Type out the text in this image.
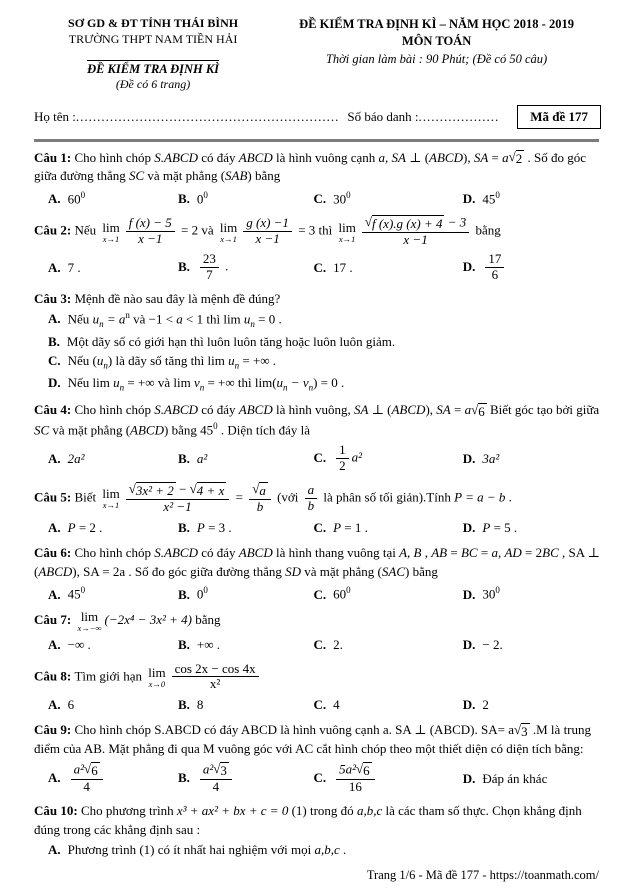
SƠ GD & ĐT TỈNH THÁI BÌNH
TRƯỜNG THPT NAM TIỀN HẢI
ĐỀ KIỂM TRA ĐỊNH KÌ
(Đề có 6 trang)
ĐỀ KIỂM TRA ĐỊNH KÌ – NĂM HỌC 2018 - 2019
MÔN TOÁN
Thời gian làm bài : 90 Phút; (Đề có 50 câu)
Họ tên : .............................................................. Số báo danh : ...................	Mã đề 177

Câu 1: Cho hình chóp S.ABCD có đáy ABCD là hình vuông cạnh a, SA ⊥ (ABCD), SA = a √ 2 . Số đo góc giữa đường thẳng SC và mặt phẳng (SAB) bằng

A. $60^0$	B. $0^0$	C. $30^0$	D. $45^0$

Câu 2: Nếu lim
$x\to 1 \frac{f (x) - 5}{x -1} = 2$ và lim
$x\to 1 \frac{g (x) -1}{x -1} = 3$ thì lim
$x\to 1 \frac{√ f (x).g (x) + 4 - 3}{x -1}$ bằng

A. 7 .	B. $\frac{23}{7}$ .	C. 17 .	D. $\frac{17}{6}$

Câu 3: Mệnh đề nào sau đây là mệnh đề đúng?

A. Nếu $u_n = a^n$ và −1 < a < 1 thì $\lim u_n = 0$ .
B. Một dãy số có giới hạn thì luôn luôn tăng hoặc luôn luôn giảm.
C. Nếu $(u_n)$ là dãy số tăng thì $\lim u_n$ = +∞ .
D. Nếu $\lim u_n$ = +∞ và $\lim v_n$ = +∞ thì $\lim(u_n - v_n) = 0$ .

Câu 4: Cho hình chóp S.ABCD có đáy ABCD là hình vuông, SA ⊥ (ABCD), SA = a √ 6 Biết góc tạo bởi giữa SC và mặt phẳng (ABCD) bằng $45^0$ . Diện tích đáy là

A. 2a²	B. a²	C. $\frac{1}{2} a^2$	D. 3a²

Câu 5: Biết lim
$x\to 1 \frac{\text{√ 3x² + 2 − √ 4 + x}}{\text{x² −1}} = \frac{√ a}{b}$ (với $\frac{a}{b}$ là phân số tối giản).Tính P = a − b .

A. P = 2 .	B. P = 3 .	C. P = 1 .	D. P = 5 .

Câu 6: Cho hình chóp S.ABCD có đáy ABCD là hình thang vuông tại A, B , AB = BC = a, AD = 2BC , SA ⊥ (ABCD), SA = 2a . Số đo góc giữa đường thẳng SD và mặt phẳng (SAC) bằng

A. $45^0$	B. $0^0$	C. $60^0$	D. $30^0$

Câu 7: lim
x→−∞
(−2x⁴ − 3x² + 4) bằng

A. −∞ .	B. +∞ .	C. 2.	D. − 2.

Câu 8: Tìm giới hạn lim
$x\to 0 \frac{\cos 2x - \cos 4x}{\text{x²}}$

A. 6	B. 8	C. 4	D. 2

Câu 9: Cho hình chóp S.ABCD có đáy ABCD là hình vuông cạnh a. SA ⊥ (ABCD). SA= a √ 3 .M là trung điểm của AB. Mặt phẳng đi qua M vuông góc với AC cắt hình chóp theo một thiết diện có diện tích bằng:

A. $\frac{\text{a² √ 6}}{4}$	B. $\frac{\text{a² √ 3}}{4}$	C. $\frac{\text{5a² √ 6}}{16}$	D. Đáp án khác

Câu 10: Cho phương trình x³ + ax² + bx + c = 0 (1) trong đó a,b,c là các tham số thực. Chọn khẳng định đúng trong các khẳng định sau :

A. Phương trình (1) có ít nhất hai nghiệm với mọi a,b,c .
Trang 1/6 - Mã đề 177 - https://toanmath.com/
